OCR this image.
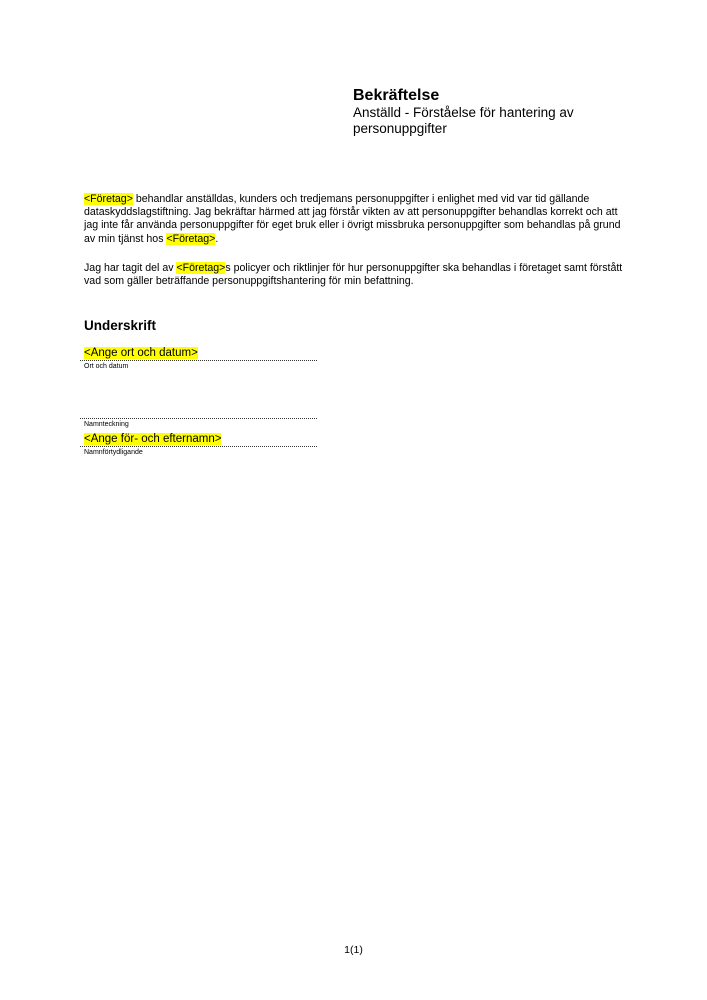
Bekräftelse
Anställd - Förståelse för hantering av personuppgifter
<Företag> behandlar anställdas, kunders och tredjemans personuppgifter i enlighet med vid var tid gällande dataskyddslagstiftning. Jag bekräftar härmed att jag förstår vikten av att personuppgifter behandlas korrekt och att jag inte får använda personuppgifter för eget bruk eller i övrigt missbruka personuppgifter som behandlas på grund av min tjänst hos <Företag>.
Jag har tagit del av <Företag>s policyer och riktlinjer för hur personuppgifter ska behandlas i företaget samt förstått vad som gäller beträffande personuppgiftshantering för min befattning.
Underskrift
<Ange ort och datum>
Ort och datum
Namnteckning
<Ange för- och efternamn>
Namnförtydligande
1(1)
